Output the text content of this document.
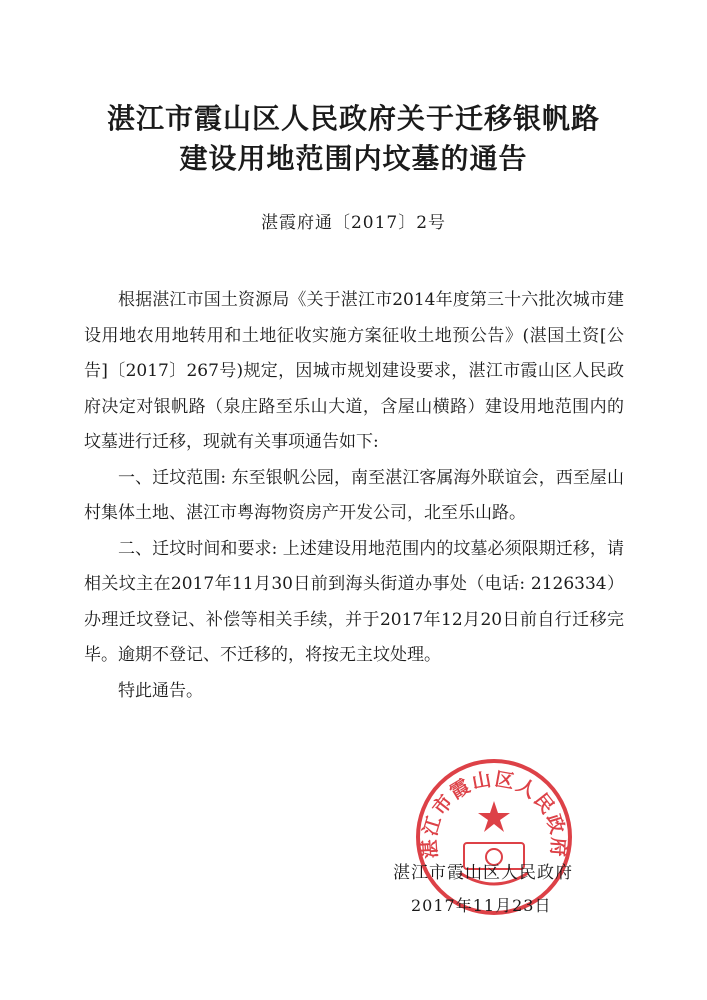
湛江市霞山区人民政府关于迁移银帆路
建设用地范围内坟墓的通告
湛霞府通〔2017〕2号

根据湛江市国土资源局《关于湛江市2014年度第三十六批次城市建设用地农用地转用和土地征收实施方案征收土地预公告》(湛国土资[公告]〔2017〕267号)规定，因城市规划建设要求，湛江市霞山区人民政府决定对银帆路（泉庄路至乐山大道，含屋山横路）建设用地范围内的坟墓进行迁移，现就有关事项通告如下:

一、迁坟范围: 东至银帆公园，南至湛江客属海外联谊会，西至屋山村集体土地、湛江市粤海物资房产开发公司，北至乐山路。

二、迁坟时间和要求: 上述建设用地范围内的坟墓必须限期迁移，请相关坟主在2017年11月30日前到海头街道办事处（电话: 2126334）办理迁坟登记、补偿等相关手续，并于2017年12月20日前自行迁移完毕。逾期不登记、不迁移的，将按无主坟处理。

特此通告。

湛江市霞山区人民政府
湛江市霞山区人民政府
2017年11月23日
